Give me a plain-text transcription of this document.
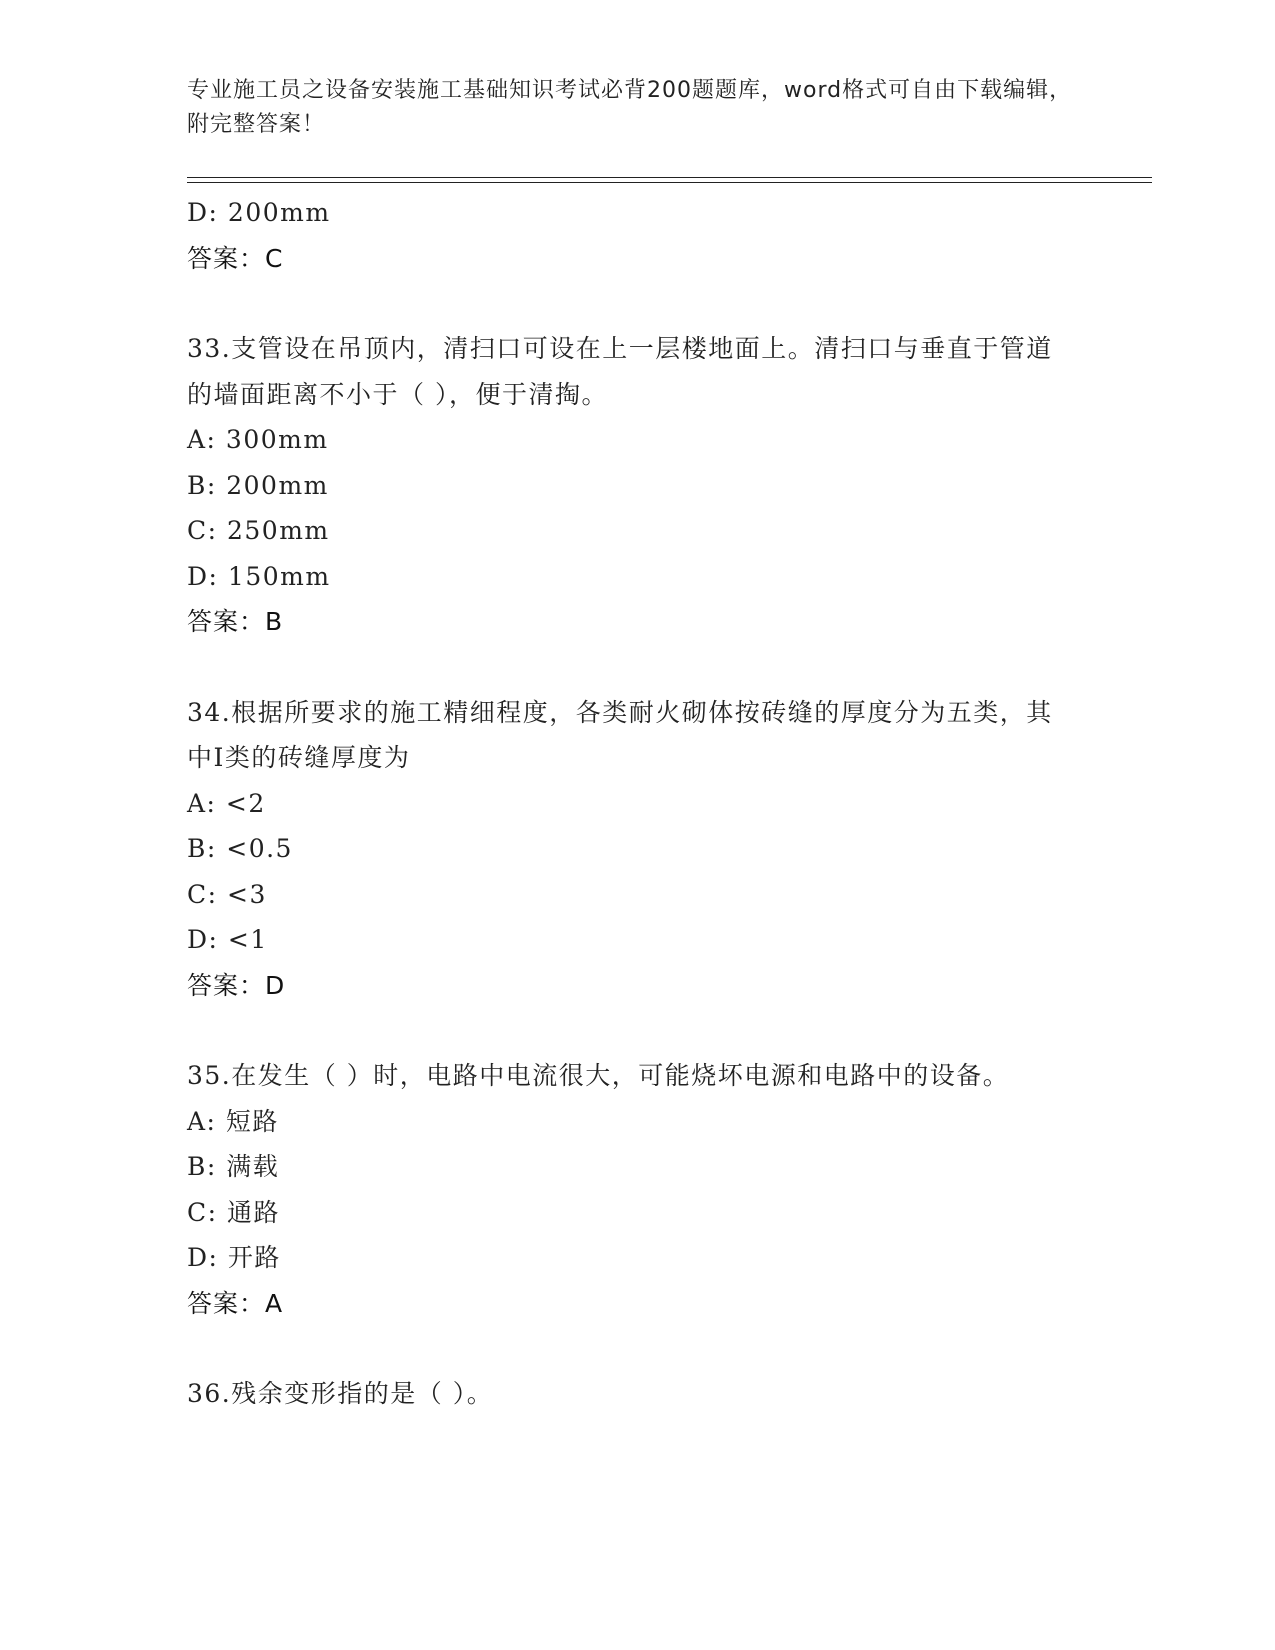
专业施工员之设备安装施工基础知识考试必背200题题库，word格式可自由下载编辑，附完整答案！
D: 200mm
答案：C
33.支管设在吊顶内，清扫口可设在上一层楼地面上。清扫口与垂直于管道的墙面距离不小于（ ），便于清掏。
A: 300mm
B: 200mm
C: 250mm
D: 150mm
答案：B
34.根据所要求的施工精细程度，各类耐火砌体按砖缝的厚度分为五类，其中Ⅰ类的砖缝厚度为
A: <2
B: <0.5
C: <3
D: <1
答案：D
35.在发生（ ）时，电路中电流很大，可能烧坏电源和电路中的设备。
A: 短路
B: 满载
C: 通路
D: 开路
答案：A
36.残余变形指的是（ ）。
